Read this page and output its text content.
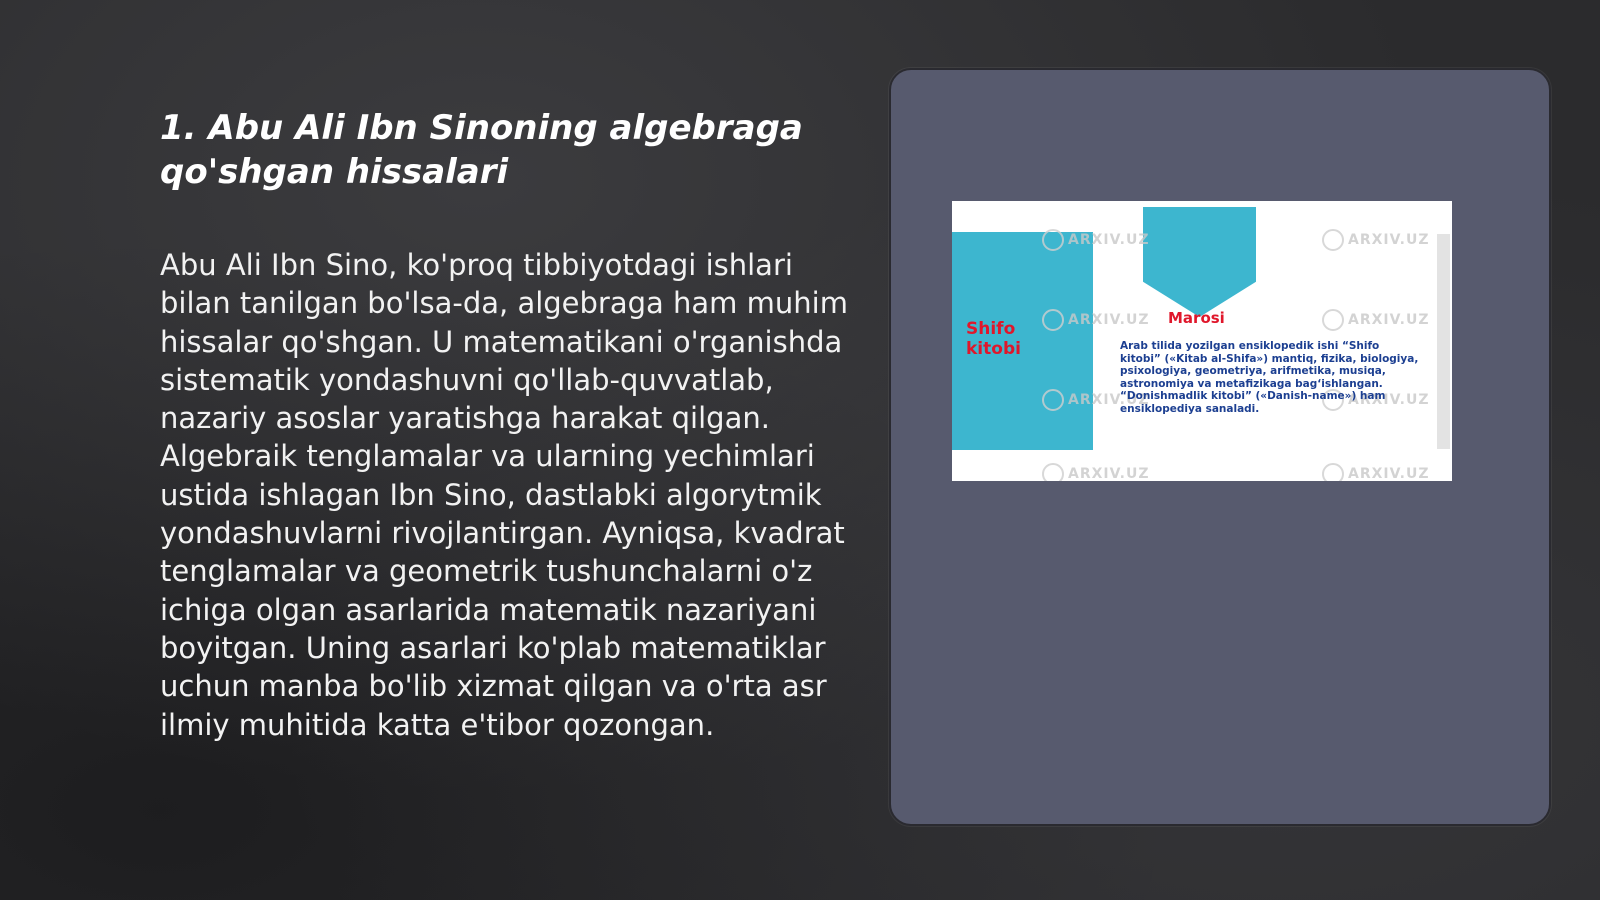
1. Abu Ali Ibn Sinoning algebraga qo'shgan hissalari

Abu Ali Ibn Sino, ko'proq tibbiyotdagi ishlari bilan tanilgan bo'lsa-da, algebraga ham muhim hissalar qo'shgan. U matematikani o'rganishda sistematik yondashuvni qo'llab-quvvatlab, nazariy asoslar yaratishga harakat qilgan. Algebraik tenglamalar va ularning yechimlari ustida ishlagan Ibn Sino, dastlabki algorytmik yondashuvlarni rivojlantirgan. Ayniqsa, kvadrat tenglamalar va geometrik tushunchalarni o'z ichiga olgan asarlarida matematik nazariyani boyitgan. Uning asarlari ko'plab matematiklar uchun manba bo'lib xizmat qilgan va o'rta asr ilmiy muhitida katta e'tibor qozongan.

ARXIV.UZ	ARXIV.UZ
ARXIV.UZ	ARXIV.UZ
ARXIV.UZ	ARXIV.UZ
ARXIV.UZ	ARXIV.UZ
Shifo
kitobi
Marosi
Arab tilida yozilgan ensiklopedik ishi “Shifo kitobi” («Kitab al-Shifa») mantiq, fizika, biologiya, psixologiya, geometriya, arifmetika, musiqa, astronomiya va metafizikaga bag‘ishlangan. “Donishmadlik kitobi” («Danish-name») ham ensiklopediya sanaladi.
